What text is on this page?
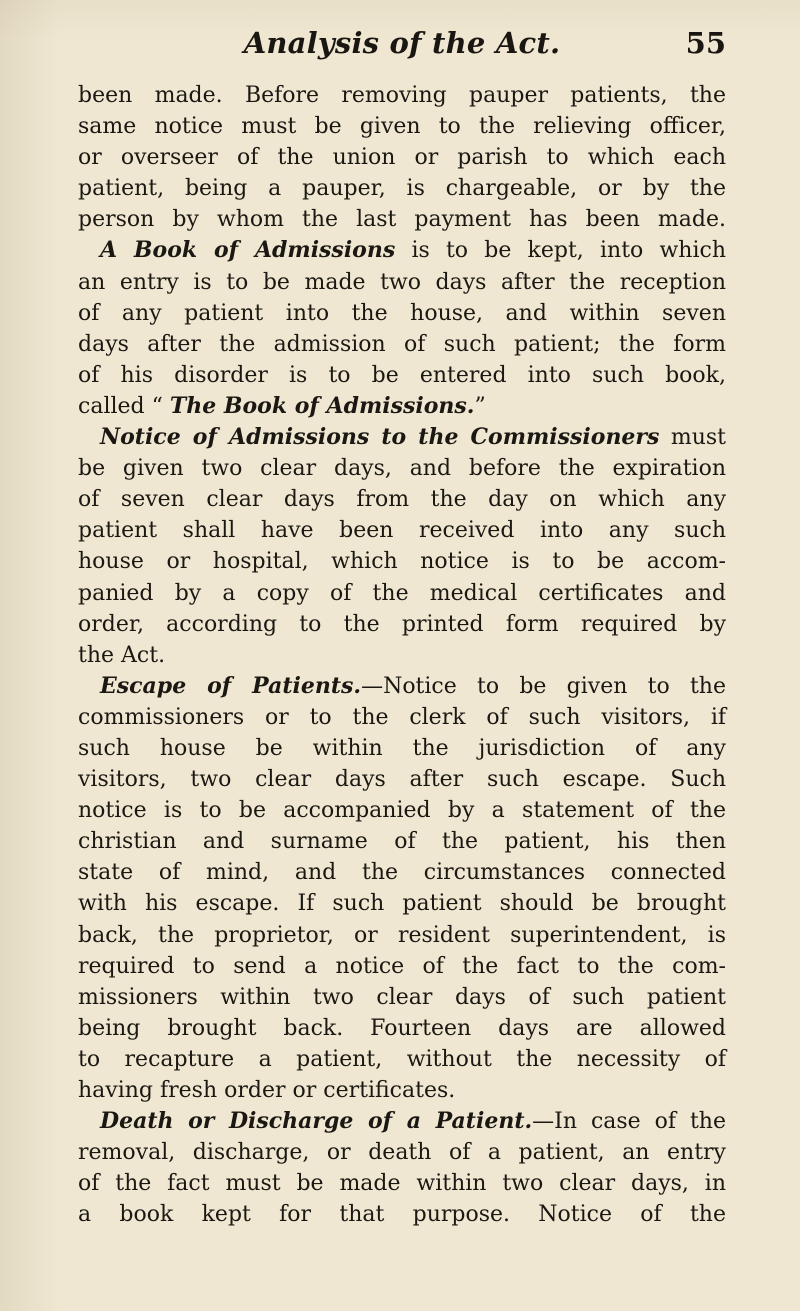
Analysis of the Act.	55
been made. Before removing pauper patients, the
same notice must be given to the relieving officer,
or overseer of the union or parish to which each
patient, being a pauper, is chargeable, or by the
person by whom the last payment has been made.
A Book of Admissions is to be kept, into which
an entry is to be made two days after the reception
of any patient into the house, and within seven
days after the admission of such patient; the form
of his disorder is to be entered into such book,
called “ The Book of Admissions.”
Notice of Admissions to the Commissioners must
be given two clear days, and before the expiration
of seven clear days from the day on which any
patient shall have been received into any such
house or hospital, which notice is to be accom-
panied by a copy of the medical certificates and
order, according to the printed form required by
the Act.
Escape of Patients.—Notice to be given to the
commissioners or to the clerk of such visitors, if
such house be within the jurisdiction of any
visitors, two clear days after such escape. Such
notice is to be accompanied by a statement of the
christian and surname of the patient, his then
state of mind, and the circumstances connected
with his escape. If such patient should be brought
back, the proprietor, or resident superintendent, is
required to send a notice of the fact to the com-
missioners within two clear days of such patient
being brought back. Fourteen days are allowed
to recapture a patient, without the necessity of
having fresh order or certificates.
Death or Discharge of a Patient.—In case of the
removal, discharge, or death of a patient, an entry
of the fact must be made within two clear days, in
a book kept for that purpose. Notice of the
